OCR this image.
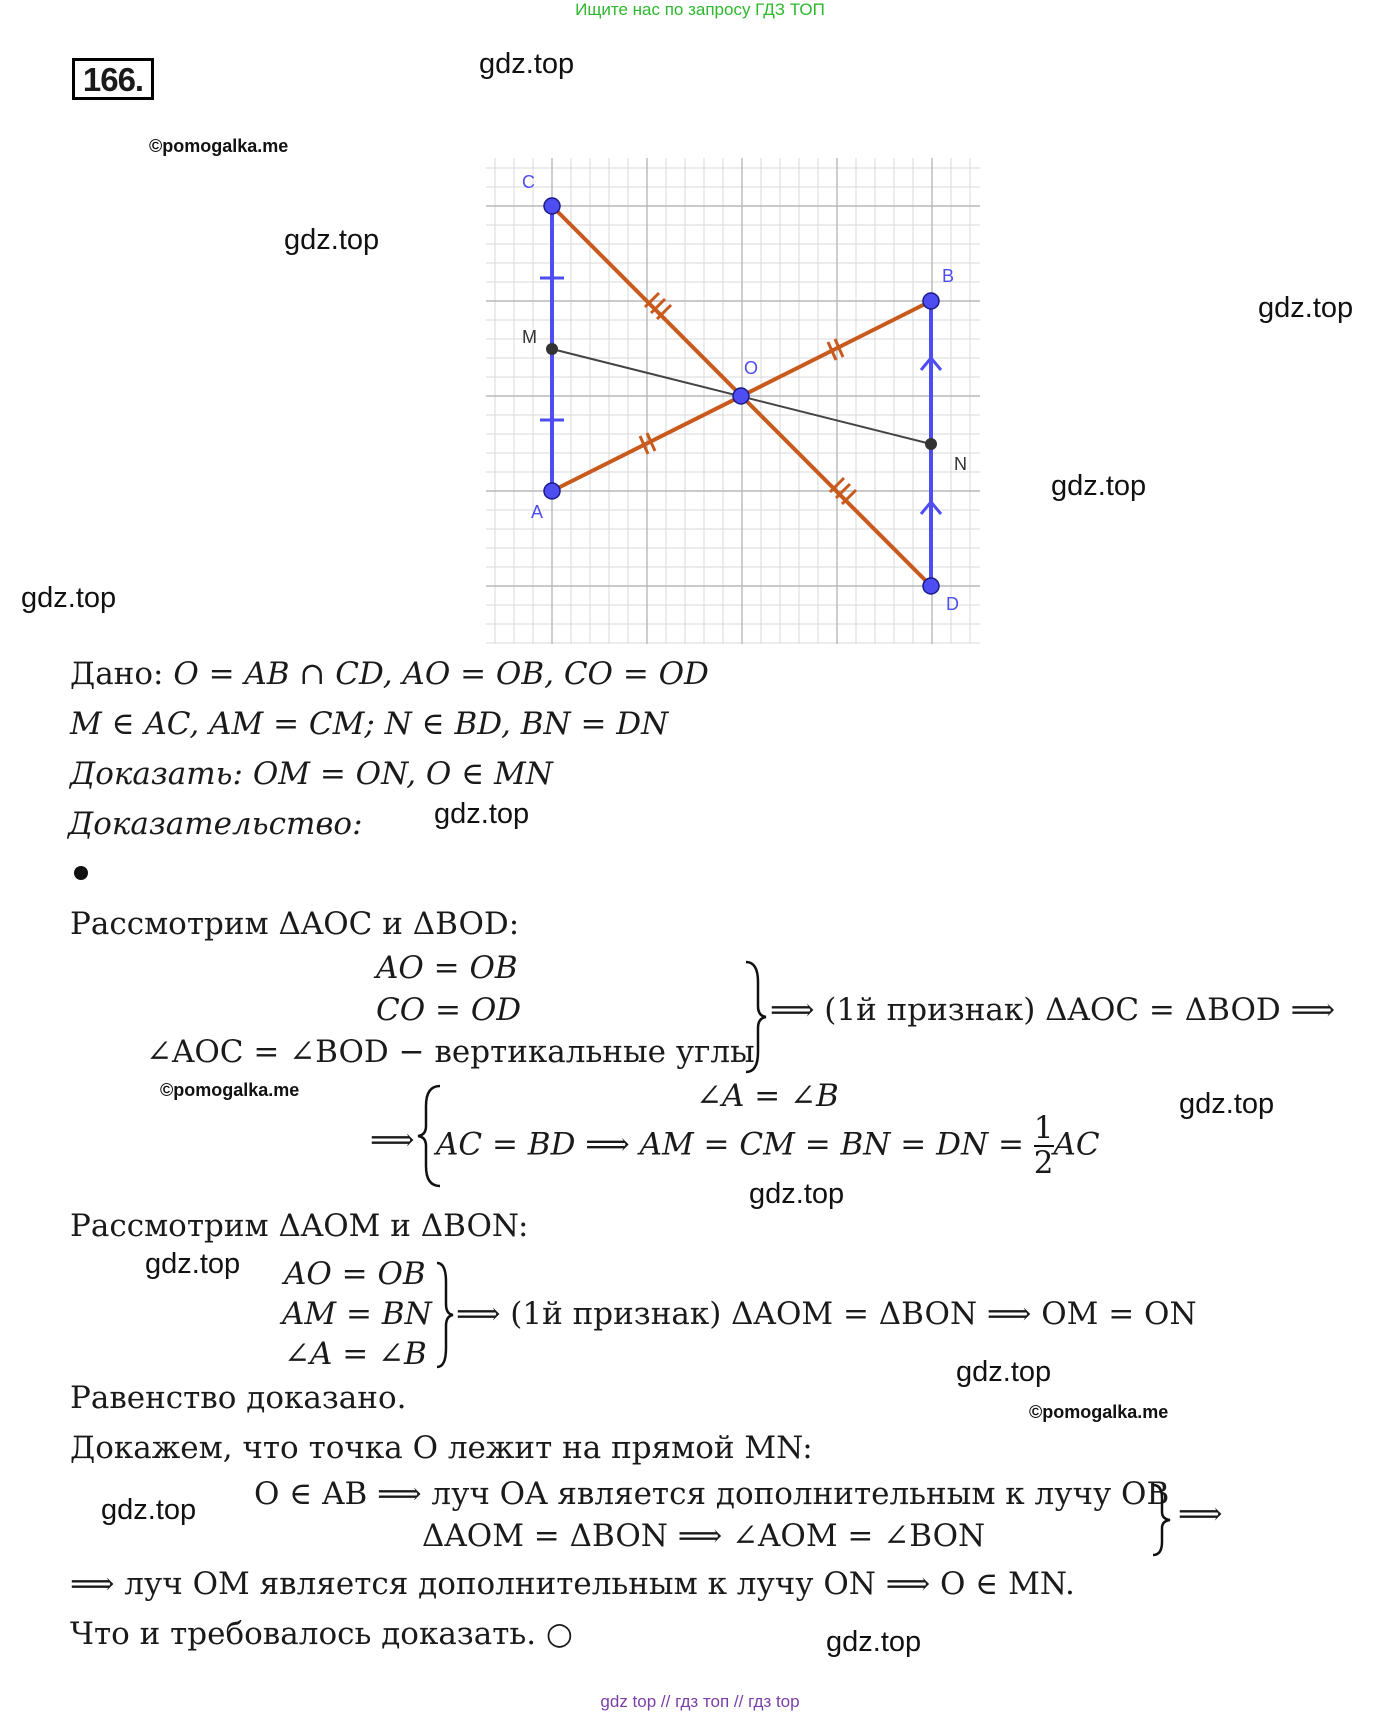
Ищите нас по запросу ГДЗ ТОП
166.	gdz.top
gdz.top
gdz.top
gdz.top
gdz.top
gdz.top
gdz.top
gdz.top
gdz.top
gdz.top
gdz.top
gdz.top
©pomogalka.me
©pomogalka.me
©pomogalka.me
C
B
M
O
N
A
D
Дано: O = AB ∩ CD, AO = OB, CO = OD
M ∈ AC, AM = CM; N ∈ BD, BN = DN
Доказать: OM = ON, O ∈ MN
Доказательство:
Рассмотрим ΔAOC и ΔBOD:
AO = OB
CO = OD
∠AOC = ∠BOD − вертикальные углы
⟹ (1й признак) ΔAOC = ΔBOD ⟹
⟹
∠A = ∠B
AC = BD ⟹ AM = CM = BN = DN = $\frac{1}{2}$ AC
Рассмотрим ΔAOM и ΔBON:
AO = OB
AM = BN
∠A = ∠B
⟹ (1й признак) ΔAOM = ΔBON ⟹ OM = ON
Равенство доказано.
Докажем, что точка O лежит на прямой MN:
O ∈ AB ⟹ луч OA является дополнительным к лучу OB
ΔAOM = ΔBON ⟹ ∠AOM = ∠BON
⟹
⟹ луч OM является дополнительным к лучу ON ⟹ O ∈ MN.
Что и требовалось доказать. ○
gdz top // гдз топ // гдз top
